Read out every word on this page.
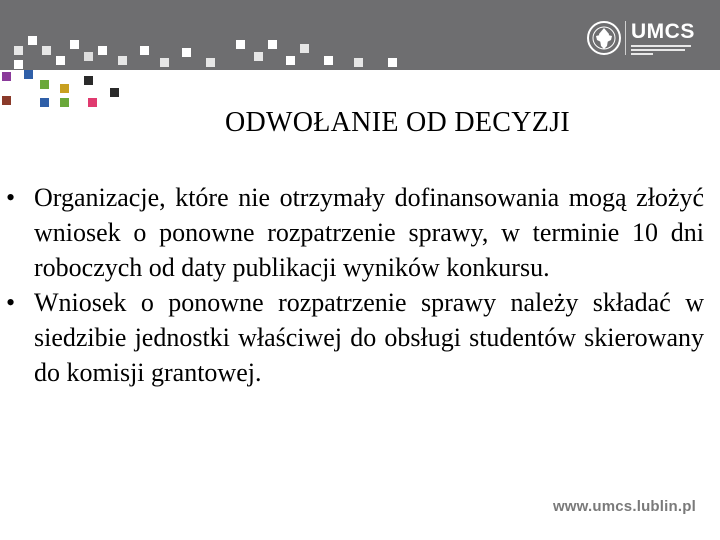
UMCS
ODWOŁANIE OD DECYZJI
• Organizacje, które nie otrzymały dofinansowania mogą złożyć wniosek o ponowne rozpatrzenie sprawy, w terminie 10 dni roboczych od daty publikacji wyników konkursu.

• Wniosek o ponowne rozpatrzenie sprawy należy składać w siedzibie jednostki właściwej do obsługi studentów skierowany do komisji grantowej.

www.umcs.lublin.pl
